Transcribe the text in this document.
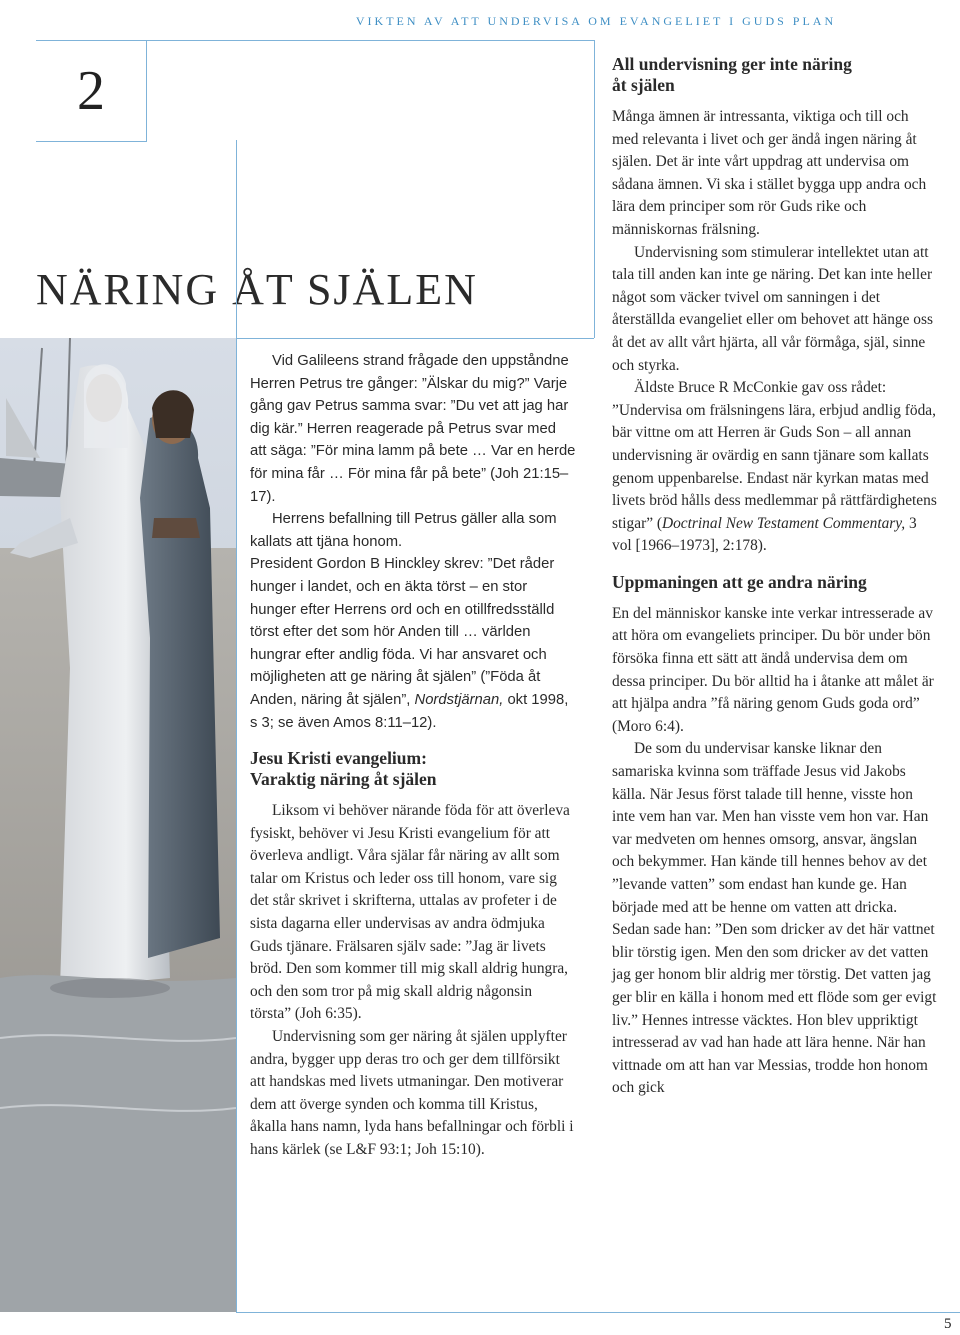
VIKTEN AV ATT UNDERVISA OM EVANGELIET I GUDS PLAN
2
NÄRING ÅT SJÄLEN

Vid Galileens strand frågade den uppståndne Herren Petrus tre gånger: ”Älskar du mig?” Varje gång gav Petrus samma svar: ”Du vet att jag har dig kär.” Herren reagerade på Petrus svar med att säga: ”För mina lamm på bete … Var en herde för mina får … För mina får på bete” (Joh 21:15–17).

Herrens befallning till Petrus gäller alla som kallats att tjäna honom.

President Gordon B Hinckley skrev: ”Det råder hunger i landet, och en äkta törst – en stor hunger efter Herrens ord och en otillfredsställd törst efter det som hör Anden till … världen hungrar efter andlig föda. Vi har ansvaret och möjligheten att ge näring åt själen” (”Föda åt Anden, näring åt själen”, Nordstjärnan, okt 1998, s 3; se även Amos 8:11–12).

Jesu Kristi evangelium:
Varaktig näring åt själen

Liksom vi behöver närande föda för att överleva fysiskt, behöver vi Jesu Kristi evangelium för att överleva andligt. Våra själar får näring av allt som talar om Kristus och leder oss till honom, vare sig det står skrivet i skrifterna, uttalas av profeter i de sista dagarna eller undervisas av andra ödmjuka Guds tjänare. Frälsaren själv sade: ”Jag är livets bröd. Den som kommer till mig skall aldrig hungra, och den som tror på mig skall aldrig någonsin törsta” (Joh 6:35).

Undervisning som ger näring åt själen upplyfter andra, bygger upp deras tro och ger dem tillförsikt att handskas med livets utmaningar. Den motiverar dem att överge synden och komma till Kristus, åkalla hans namn, lyda hans befallningar och förbli i hans kärlek (se L&F 93:1; Joh 15:10).

All undervisning ger inte näring
åt själen

Många ämnen är intressanta, viktiga och till och med relevanta i livet och ger ändå ingen näring åt själen. Det är inte vårt uppdrag att undervisa om sådana ämnen. Vi ska i stället bygga upp andra och lära dem principer som rör Guds rike och människornas frälsning.

Undervisning som stimulerar intellektet utan att tala till anden kan inte ge näring. Det kan inte heller något som väcker tvivel om sanningen i det återställda evangeliet eller om behovet att hänge oss åt det av allt vårt hjärta, all vår förmåga, själ, sinne och styrka.

Äldste Bruce R McConkie gav oss rådet: ”Undervisa om frälsningens lära, erbjud andlig föda, bär vittne om att Herren är Guds Son – all annan undervisning är ovärdig en sann tjänare som kallats genom uppenbarelse. Endast när kyrkan matas med livets bröd hålls dess medlemmar på rättfärdighetens stigar” (Doctrinal New Testament Commentary, 3 vol [1966–1973], 2:178).

Uppmaningen att ge andra näring

En del människor kanske inte verkar intresserade av att höra om evangeliets principer. Du bör under bön försöka finna ett sätt att ändå undervisa dem om dessa principer. Du bör alltid ha i åtanke att målet är att hjälpa andra ”få näring genom Guds goda ord” (Moro 6:4).

De som du undervisar kanske liknar den samariska kvinna som träffade Jesus vid Jakobs källa. När Jesus först talade till henne, visste hon inte vem han var. Men han visste vem hon var. Han var medveten om hennes omsorg, ansvar, ängslan och bekymmer. Han kände till hennes behov av det ”levande vatten” som endast han kunde ge. Han började med att be henne om vatten att dricka. Sedan sade han: ”Den som dricker av det här vattnet blir törstig igen. Men den som dricker av det vatten jag ger honom blir aldrig mer törstig. Det vatten jag ger blir en källa i honom med ett flöde som ger evigt liv.” Hennes intresse väcktes. Hon blev uppriktigt intresserad av vad han hade att lära henne. När han vittnade om att han var Messias, trodde hon honom och gick

5
